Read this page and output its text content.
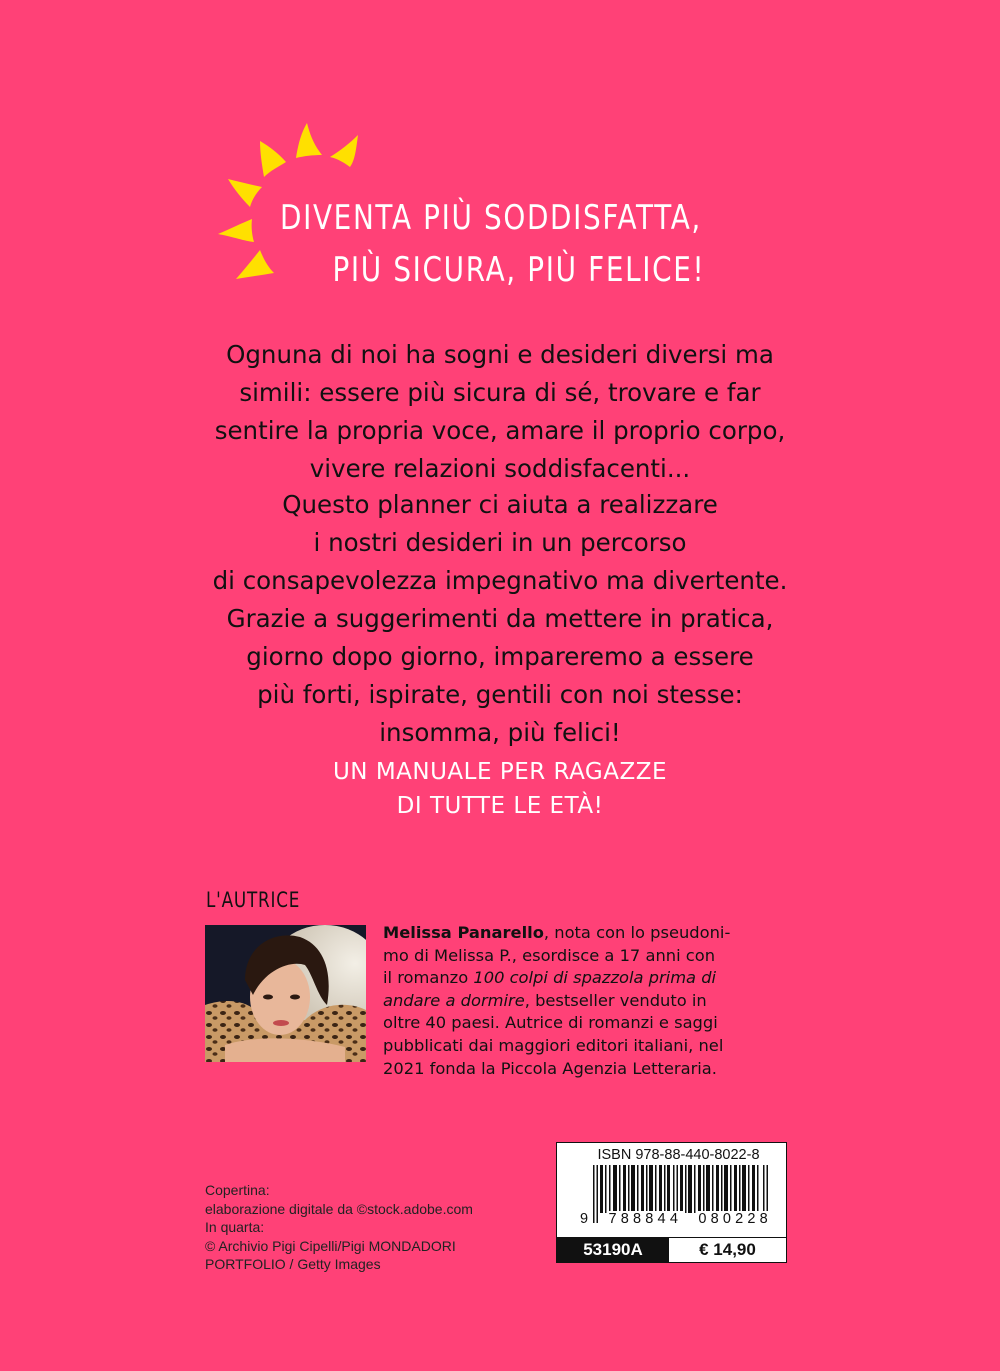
DIVENTA PIÙ SODDISFATTA,
PIÙ SICURA, PIÙ FELICE!
Ognuna di noi ha sogni e desideri diversi ma
simili: essere più sicura di sé, trovare e far
sentire la propria voce, amare il proprio corpo,
vivere relazioni soddisfacenti...
Questo planner ci aiuta a realizzare
i nostri desideri in un percorso
di consapevolezza impegnativo ma divertente.
Grazie a suggerimenti da mettere in pratica,
giorno dopo giorno, impareremo a essere
più forti, ispirate, gentili con noi stesse:
insomma, più felici!
UN MANUALE PER RAGAZZE
DI TUTTE LE ETÀ!
L'AUTRICE
Melissa Panarello, nota con lo pseudoni-
mo di Melissa P., esordisce a 17 anni con
il romanzo 100 colpi di spazzola prima di
andare a dormire, bestseller venduto in
oltre 40 paesi. Autrice di romanzi e saggi
pubblicati dai maggiori editori italiani, nel
2021 fonda la Piccola Agenzia Letteraria.
Copertina:
elaborazione digitale da ©stock.adobe.com
In quarta:
© Archivio Pigi Cipelli/Pigi MONDADORI
PORTFOLIO / Getty Images
ISBN 978-88-440-8022-8
9 788844 080228
53190A	€ 14,90
